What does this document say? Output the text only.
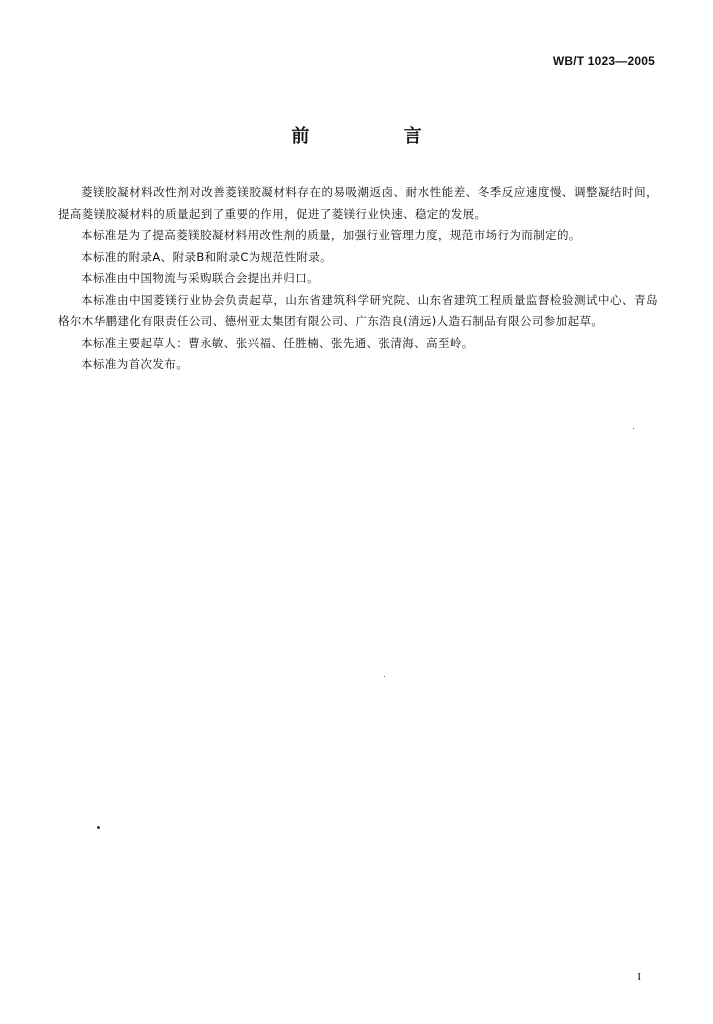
WB/T 1023—2005
前 言

菱镁胶凝材料改性剂对改善菱镁胶凝材料存在的易吸潮返卤、耐水性能差、冬季反应速度慢、调整凝结时间，提高菱镁胶凝材料的质量起到了重要的作用，促进了菱镁行业快速、稳定的发展。

本标准是为了提高菱镁胶凝材料用改性剂的质量，加强行业管理力度，规范市场行为而制定的。

本标准的附录A、附录B和附录C为规范性附录。

本标准由中国物流与采购联合会提出并归口。

本标准由中国菱镁行业协会负责起草，山东省建筑科学研究院、山东省建筑工程质量监督检验测试中心、青岛格尔木华鹏建化有限责任公司、德州亚太集团有限公司、广东浩良(清远)人造石制品有限公司参加起草。

本标准主要起草人：曹永敏、张兴福、任胜楠、张先通、张清海、高至岭。

本标准为首次发布。

I
